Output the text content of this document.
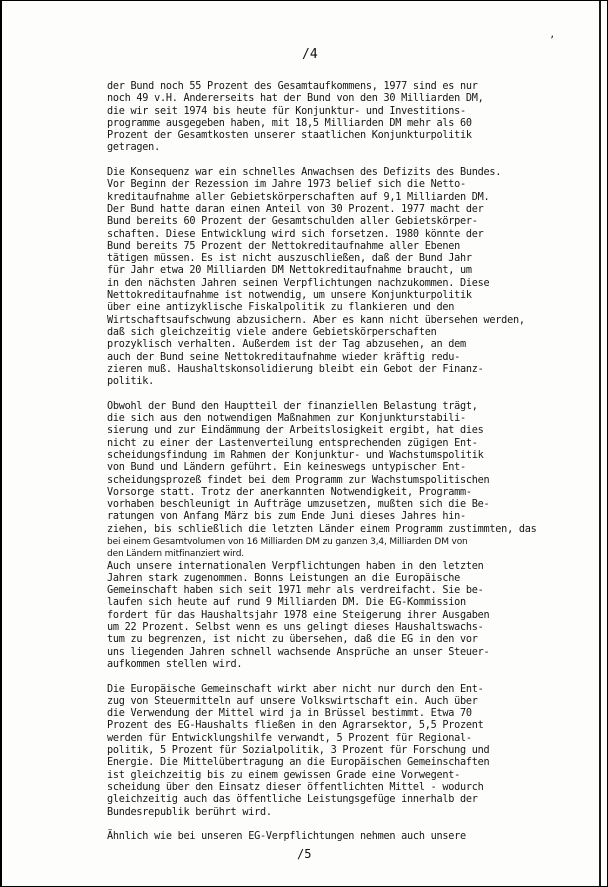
/4
ʼ
der Bund noch 55 Prozent des Gesamtaufkommens, 1977 sind es nur
noch 49 v.H. Andererseits hat der Bund von den 30 Milliarden DM,
die wir seit 1974 bis heute für Konjunktur- und Investitions-
programme ausgegeben haben, mit 18,5 Milliarden DM mehr als 60
Prozent der Gesamtkosten unserer staatlichen Konjunkturpolitik
getragen.
Die Konsequenz war ein schnelles Anwachsen des Defizits des Bundes.
Vor Beginn der Rezession im Jahre 1973 belief sich die Netto-
kreditaufnahme aller Gebietskörperschaften auf 9,1 Milliarden DM.
Der Bund hatte daran einen Anteil von 30 Prozent. 1977 macht der
Bund bereits 60 Prozent der Gesamtschulden aller Gebietskörper-
schaften. Diese Entwicklung wird sich forsetzen. 1980 könnte der
Bund bereits 75 Prozent der Nettokreditaufnahme aller Ebenen
tätigen müssen. Es ist nicht auszuschließen, daß der Bund Jahr
für Jahr etwa 20 Milliarden DM Nettokreditaufnahme braucht, um
in den nächsten Jahren seinen Verpflichtungen nachzukommen. Diese
Nettokreditaufnahme ist notwendig, um unsere Konjunkturpolitik
über eine antizyklische Fiskalpolitik zu flankieren und den
Wirtschaftsaufschwung abzusichern. Aber es kann nicht übersehen werden,
daß sich gleichzeitig viele andere Gebietskörperschaften
prozyklisch verhalten. Außerdem ist der Tag abzusehen, an dem
auch der Bund seine Nettokreditaufnahme wieder kräftig redu-
zieren muß. Haushaltskonsolidierung bleibt ein Gebot der Finanz-
politik.
Obwohl der Bund den Hauptteil der finanziellen Belastung trägt,
die sich aus den notwendigen Maßnahmen zur Konjunkturstabili-
sierung und zur Eindämmung der Arbeitslosigkeit ergibt, hat dies
nicht zu einer der Lastenverteilung entsprechenden zügigen Ent-
scheidungsfindung im Rahmen der Konjunktur- und Wachstumspolitik
von Bund und Ländern geführt. Ein keineswegs untypischer Ent-
scheidungsprozeß findet bei dem Programm zur Wachstumspolitischen
Vorsorge statt. Trotz der anerkannten Notwendigkeit, Programm-
vorhaben beschleunigt in Aufträge umzusetzen, mußten sich die Be-
ratungen von Anfang März bis zum Ende Juni dieses Jahres hin-
ziehen, bis schließlich die letzten Länder einem Programm zustimmten, das
bei einem Gesamtvolumen von 16 Milliarden DM zu ganzen 3,4, Milliarden DM von
den Ländern mitfinanziert wird.
Auch unsere internationalen Verpflichtungen haben in den letzten
Jahren stark zugenommen. Bonns Leistungen an die Europäische
Gemeinschaft haben sich seit 1971 mehr als verdreifacht. Sie be-
laufen sich heute auf rund 9 Milliarden DM. Die EG-Kommission
fordert für das Haushaltsjahr 1978 eine Steigerung ihrer Ausgaben
um 22 Prozent. Selbst wenn es uns gelingt dieses Haushaltswachs-
tum zu begrenzen, ist nicht zu übersehen, daß die EG in den vor
uns liegenden Jahren schnell wachsende Ansprüche an unser Steuer-
aufkommen stellen wird.
Die Europäische Gemeinschaft wirkt aber nicht nur durch den Ent-
zug von Steuermitteln auf unsere Volkswirtschaft ein. Auch über
die Verwendung der Mittel wird ja in Brüssel bestimmt. Etwa 70
Prozent des EG-Haushalts fließen in den Agrarsektor, 5,5 Prozent
werden für Entwicklungshilfe verwandt, 5 Prozent für Regional-
politik, 5 Prozent für Sozialpolitik, 3 Prozent für Forschung und
Energie. Die Mittelübertragung an die Europäischen Gemeinschaften
ist gleichzeitig bis zu einem gewissen Grade eine Vorwegent-
scheidung über den Einsatz dieser öffentlichten Mittel - wodurch
gleichzeitig auch das öffentliche Leistungsgefüge innerhalb der
Bundesrepublik berührt wird.
Ähnlich wie bei unseren EG-Verpflichtungen nehmen auch unsere
/5
